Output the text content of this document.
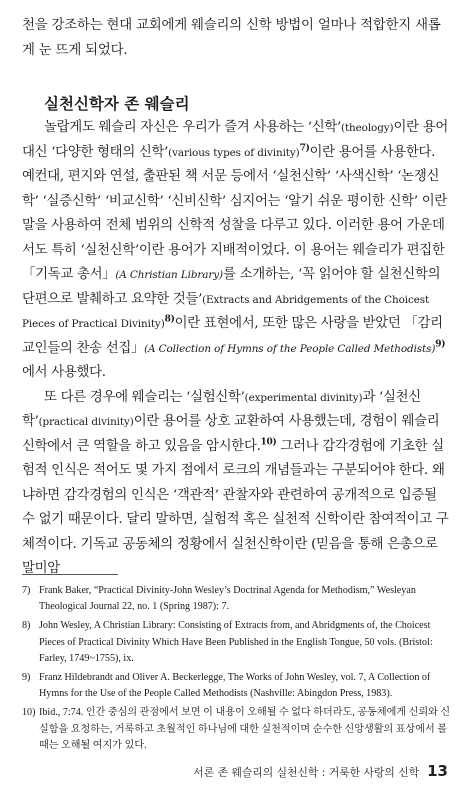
천을 강조하는 현대 교회에게 웨슬리의 신학 방법이 얼마나 적합한지 새롭게 눈 뜨게 되었다.
실천신학자 존 웨슬리

놀랍게도 웨슬리 자신은 우리가 즐겨 사용하는 ‘신학’(theology)이란 용어 대신 ‘다양한 형태의 신학’(various types of divinity)$^{7)}$이란 용어를 사용한다. 예컨대, 편지와 연설, 출판된 책 서문 등에서 ‘실천신학’ ‘사색신학’ ‘논쟁신학’ ‘실증신학’ ‘비교신학’ ‘신비신학’ 심지어는 ‘알기 쉬운 평이한 신학’ 이란 말을 사용하여 전체 범위의 신학적 성찰을 다루고 있다. 이러한 용어 가운데서도 특히 ‘실천신학’이란 용어가 지배적이었다. 이 용어는 웨슬리가 편집한 「기독교 총서」(A Christian Library)를 소개하는, ‘꼭 읽어야 할 실천신학의 단편으로 발췌하고 요약한 것들’(Extracts and Abridgements of the Choicest Pieces of Practical Divinity)$^{8)}$이란 표현에서, 또한 많은 사랑을 받았던 「감리교인들의 찬송 선집」(A Collection of Hymns of the People Called Methodists)$^{9)}$에서 사용했다.

또 다른 경우에 웨슬리는 ‘실험신학’(experimental divinity)과 ‘실천신학’(practical divinity)이란 용어를 상호 교환하여 사용했는데, 경험이 웨슬리 신학에서 큰 역할을 하고 있음을 암시한다.$^{10)}$ 그러나 감각경험에 기초한 실험적 인식은 적어도 몇 가지 점에서 로크의 개념들과는 구분되어야 한다. 왜냐하면 감각경험의 인식은 ‘객관적’ 관찰자와 관련하여 공개적으로 입증될 수 없기 때문이다. 달리 말하면, 실험적 혹은 실천적 신학이란 참여적이고 구체적이다. 기독교 공동체의 정황에서 실천신학이란 (믿음을 통해 은총으로 말미암

7) Frank Baker, “Practical Divinity-John Wesley’s Doctrinal Agenda for Methodism,” Wesleyan Theological Journal 22, no. 1 (Spring 1987): 7.
8) John Wesley, A Christian Library: Consisting of Extracts from, and Abridgments of, the Choicest Pieces of Practical Divinity Which Have Been Published in the English Tongue, 50 vols. (Bristol: Farley, 1749~1755), ix.
9) Franz Hildebrandt and Oliver A. Beckerlegge, The Works of John Wesley, vol. 7, A Collection of Hymns for the Use of the People Called Methodists (Nashville: Abingdon Press, 1983).
10) Ibid., 7:74. 인간 중심의 관점에서 보면 이 내용이 오해될 수 없다 하더라도, 공동체에게 신뢰와 신실함을 요청하는, 거룩하고 초월적인 하나님에 대한 실천적이며 순수한 신앙생활의 표상에서 볼 때는 오해될 여지가 있다.
서론 존 웨슬리의 실천신학 : 거룩한 사랑의 신학 13
